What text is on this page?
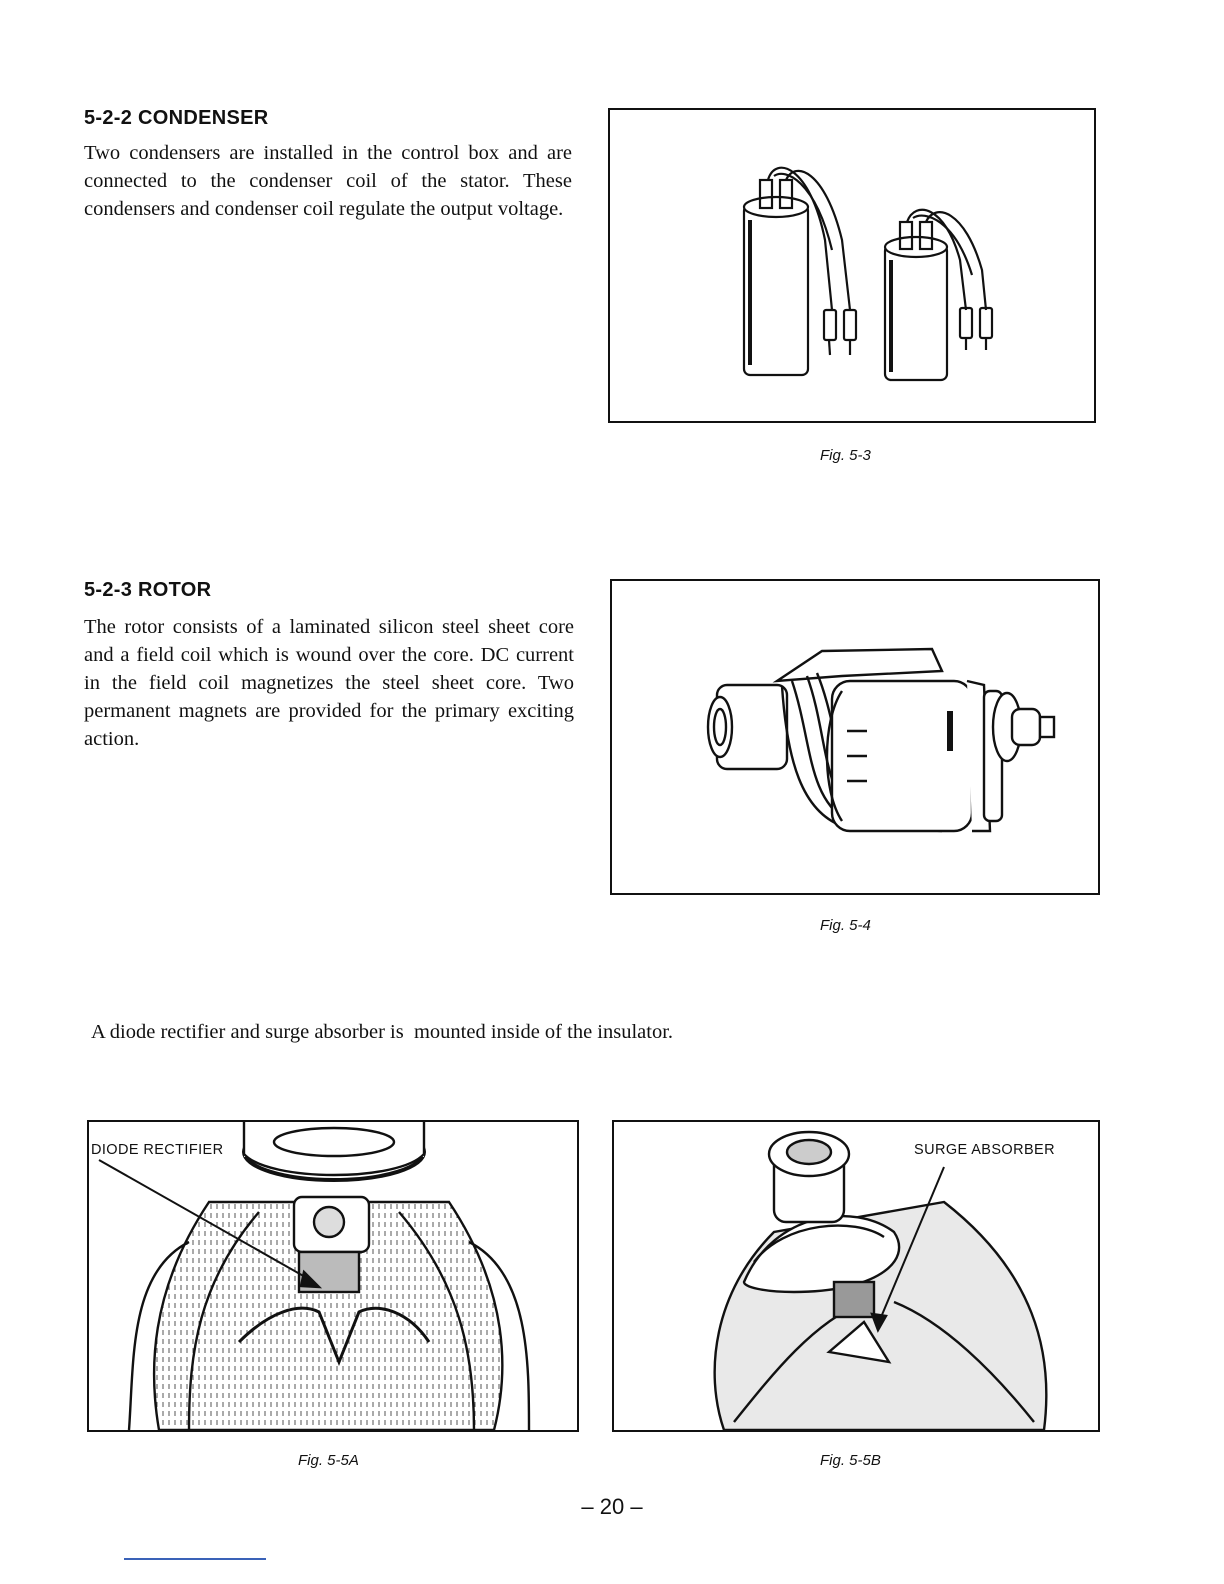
5-2-2 CONDENSER

Two condensers are installed in the control box and are connected to the condenser coil of the stator. These condensers and condenser coil regulate the output voltage.

Fig. 5-3
5-2-3 ROTOR

The rotor consists of a laminated silicon steel sheet core and a field coil which is wound over the core. DC current in the field coil magnetizes the steel sheet core. Two permanent magnets are provided for the primary exciting action.

Fig. 5-4
A diode rectifier and surge absorber is  mounted inside of the insulator.
DIODE RECTIFIER
Fig. 5-5A
SURGE ABSORBER
Fig. 5-5B
– 20 –
